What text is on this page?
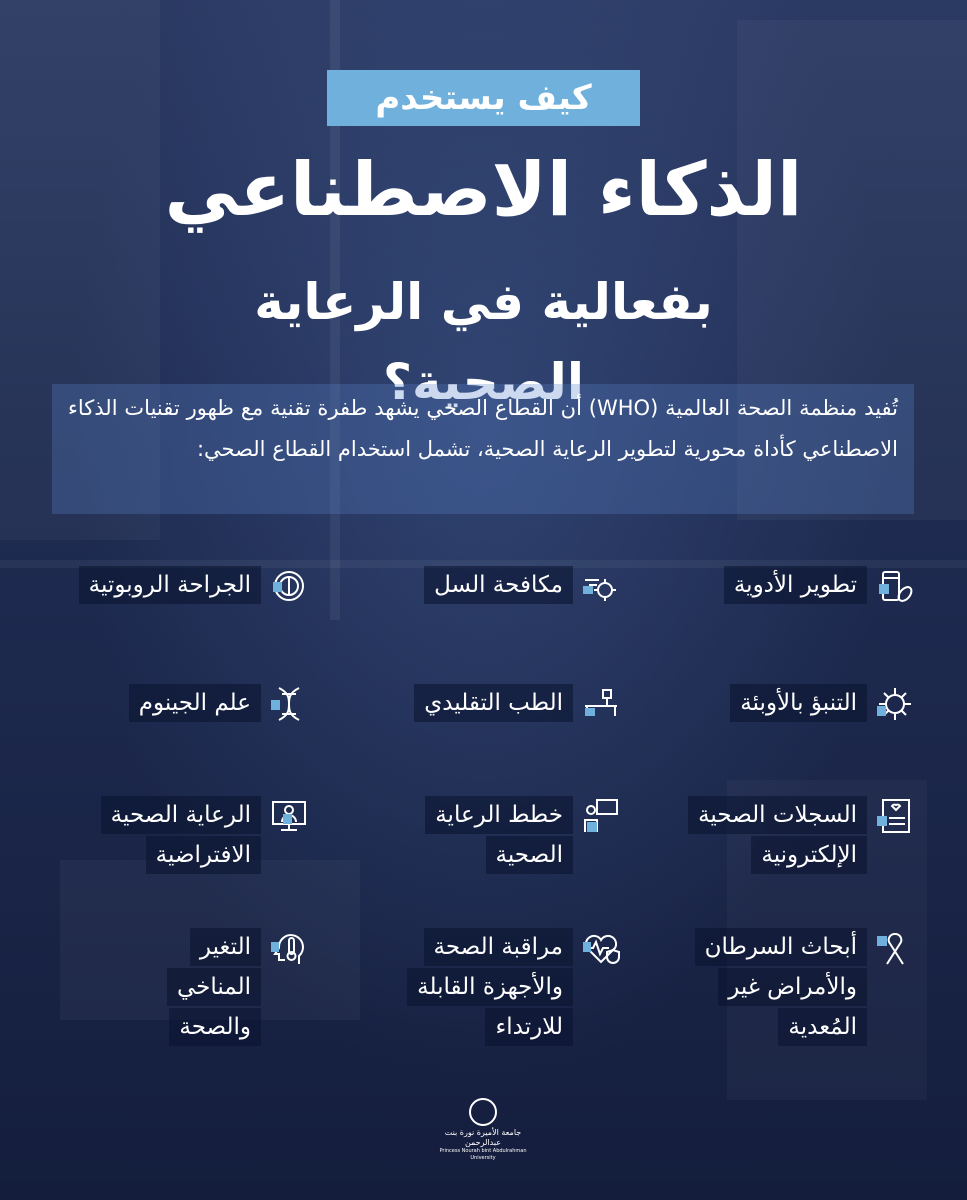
كيف يستخدم
الذكاء الاصطناعي
بفعالية في الرعاية الصحية؟
تُفيد منظمة الصحة العالمية (WHO) أن القطاع الصحي يشهد طفرة تقنية مع ظهور تقنيات الذكاء الاصطناعي كأداة محورية لتطوير الرعاية الصحية، تشمل استخدام القطاع الصحي:
تطوير الأدوية
مكافحة السل
الجراحة الروبوتية
التنبؤ بالأوبئة
الطب التقليدي
علم الجينوم
السجلات الصحية
الإلكترونية
خطط الرعاية
الصحية
الرعاية الصحية
الافتراضية
أبحاث السرطان
والأمراض غير
المُعدية
مراقبة الصحة
والأجهزة القابلة
للارتداء
التغير
المناخي
والصحة
جامعة الأميرة نورة بنت عبدالرحمن
Princess Nourah bint Abdulrahman University
